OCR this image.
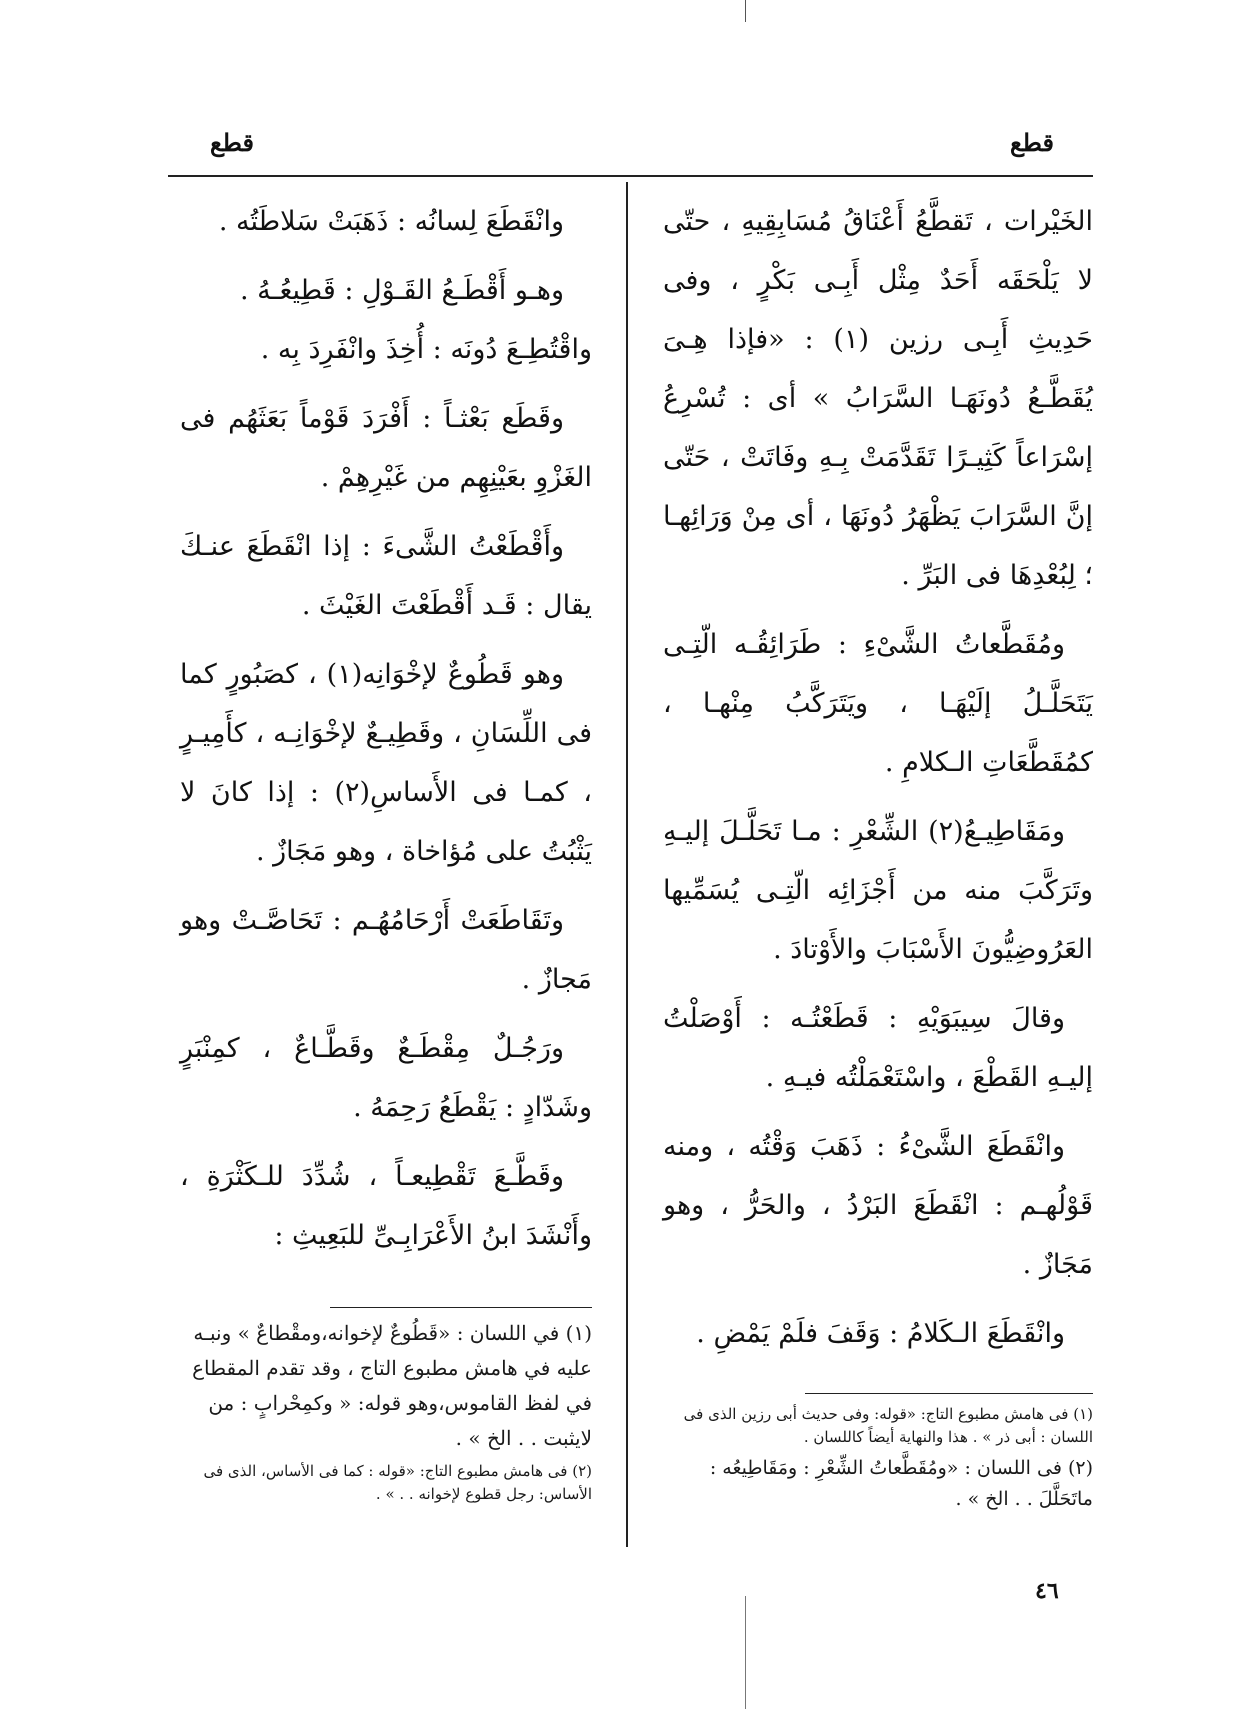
قطع
قطع

الخَيْرات ، تَقطَّعُ أَعْنَاقُ مُسَابِقِيهِ ، حتّى لا يَلْحَقَه أَحَدٌ مِثْل أَبِـى بَكْرٍ ، وفى حَدِيثِ أَبِـى رزين (١) : «فإذا هِـىَ يُقَطَّـعُ دُونَهَـا السَّرَابُ » أى : تُسْرِعُ إسْرَاعاً كَثِيـرًا تَقَدَّمَتْ بِـهِ وفَاتَتْ ، حَتّى إنَّ السَّرَابَ يَظْهَرُ دُونَهَا ، أى مِنْ وَرَائِهـا ؛ لِبُعْدِهَا فى البَرِّ .

ومُقَطَّعاتُ الشَّىْءِ : طَرَائِقُـه الّتِـى يَتَحَلَّـلُ إلَيْهَـا ، ويَتَرَكَّبُ مِنْهـا ، كمُقَطَّعَاتِ الـكلامِ .

ومَقَاطِيـعُ(٢) الشِّعْرِ : مـا تَحَلَّـلَ إليـهِ وتَرَكَّبَ منه من أَجْزَائِه الّتِـى يُسَمِّيها العَرُوضِيُّونَ الأَسْبَابَ والأَوْتادَ .

وقالَ سِيبَوَيْهِ : قَطَعْتُـه : أَوْصَلْتُ إليـهِ القَطْعَ ، واسْتَعْمَلْتُه فيـهِ .

وانْقَطَعَ الشَّىْءُ : ذَهَبَ وَقْتُه ، ومنه قَوْلُهـم : انْقَطَعَ البَرْدُ ، والحَرُّ ، وهو مَجَازٌ .

وانْقَطَعَ الـكَلامُ : وَقَفَ فلَمْ يَمْضِ .

وانْقَطَعَ لِسانُه : ذَهَبَتْ سَلاطَتُه .

وهـو أَقْطَـعُ القَـوْلِ : قَطِيعُـهُ .

واقْتُطِـعَ دُونَه : أُخِذَ وانْفَرِدَ بِه .

وقَطَع بَعْثـاً : أَفْرَدَ قَوْماً بَعَثَهُم فى الغَزْوِ بعَيْنِهِم من غَيْرِهِمْ .

وأَقْطَعْتُ الشَّىءَ : إذا انْقَطَعَ عنـكَ يقال : قَـد أَقْطَعْتَ الغَيْثَ .

وهو قَطُوعٌ لإخْوَانِه(١) ، كصَبُورٍ كما فى اللِّسَانِ ، وقَطِيـعٌ لإخْوَانِـه ، كأَمِيـرٍ ، كمـا فى الأَساسِ(٢) : إذا كانَ لا يَثْبُتُ على مُؤاخاة ، وهو مَجَازٌ .

وتَقَاطَعَتْ أَرْحَامُهُـم : تَحَاصَّـتْ وهو مَجازٌ .

ورَجُـلٌ مِقْطَـعٌ وقَطَّـاعٌ ، كمِنْبَرٍ وشَدّادٍ : يَقْطَعُ رَحِمَهُ .

وقَطَّـعَ تَقْطِيعـاً ، شُدِّدَ للـكَثْرَةِ ، وأَنْشَدَ ابنُ الأَعْرَابِـىِّ للبَعِيثِ :

(١) فى هامش مطبوع التاج: «قوله: وفى حديث أبى رزين الذى فى اللسان : أبى ذر » . هذا والنهاية أيضاً كاللسان .

(٢) فى اللسان : «ومُقَطَّعاتُ الشِّعْرِ : ومَقَاطِيعُه : ماتَحَلَّلَ . . الخ » .

(١) في اللسان : «قَطُوعٌ لإخوانه،ومقْطاعٌ » ونبـه عليه في هامش مطبوع التاج ، وقد تقدم المقطاع في لفظ القاموس،وهو قوله: « وكمِحْرابٍ : من لايثبت . . الخ » .

(٢) فى هامش مطبوع التاج: «قوله : كما فى الأساس، الذى فى الأساس: رجل قطوع لإخوانه . . » .

٤٦
